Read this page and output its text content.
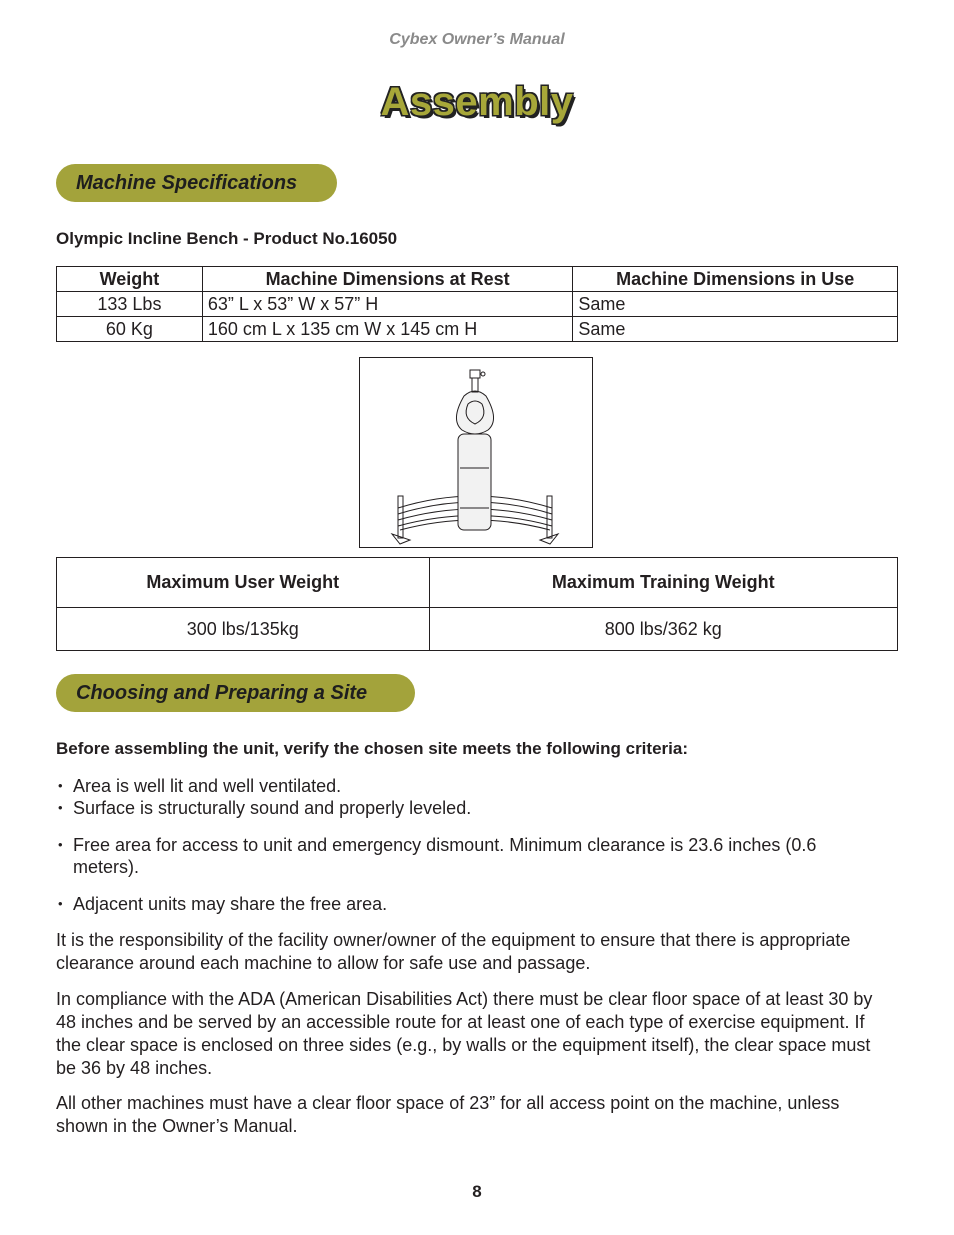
Cybex Owner’s Manual
Assembly
Machine Specifications
Olympic Incline Bench - Product No.16050
Weight	Machine Dimensions at Rest	Machine Dimensions in Use
133 Lbs	63” L x 53” W x 57” H	Same
60 Kg	160 cm L x 135 cm W x 145 cm H	Same
Maximum User Weight	Maximum Training Weight
300 lbs/135kg	800 lbs/362 kg
Choosing and Preparing a Site
Before assembling the unit, verify the chosen site meets the following criteria:
• Area is well lit and well ventilated.
• Surface is structurally sound and properly leveled.
• Free area for access to unit and emergency dismount. Minimum clearance is 23.6 inches (0.6 meters).
• Adjacent units may share the free area.
It is the responsibility of the facility owner/owner of the equipment to ensure that there is appropriate clearance around each machine to allow for safe use and passage.
In compliance with the ADA (American Disabilities Act) there must be clear floor space of at least 30 by 48 inches and be served by an accessible route for at least one of each type of exercise equipment. If the clear space is enclosed on three sides (e.g., by walls or the equipment itself), the clear space must be 36 by 48 inches.
All other machines must have a clear floor space of 23” for all access point on the machine, unless shown in the Owner’s Manual.
8
